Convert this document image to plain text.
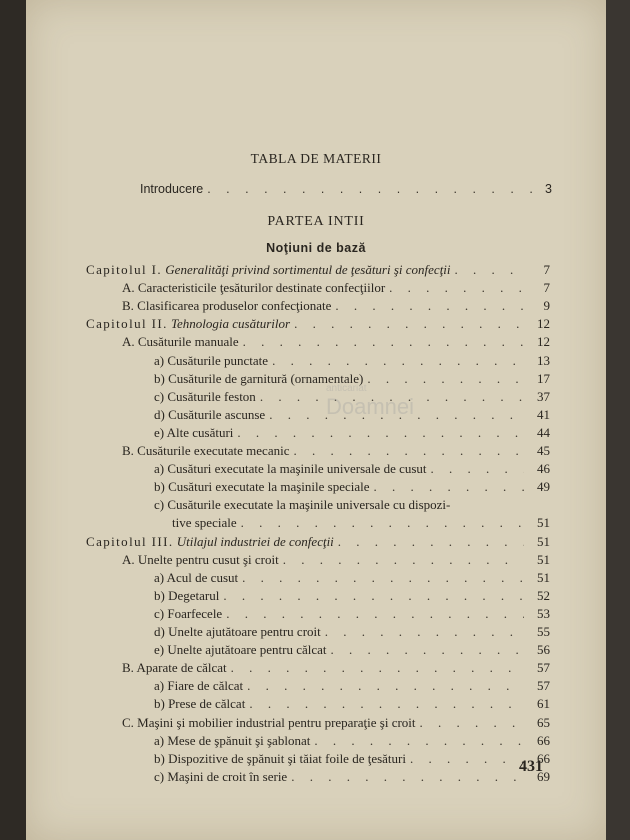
TABLA DE MATERII
Introducere . . .	3
PARTEA INTII
Noţiuni de bază
Capitolul I. Generalităţi privind sortimentul de ţesături şi confecţii . . .	7
A. Caracteristicile ţesăturilor destinate confecţiilor . . .	7
B. Clasificarea produselor confecţionate . . .	9
Capitolul II. Tehnologia cusăturilor . . .	12
A. Cusăturile manuale . . .	12
a) Cusăturile punctate . . .	13
b) Cusăturile de garnitură (ornamentale) . . .	17
c) Cusăturile feston . . .	37
d) Cusăturile ascunse . . .	41
e) Alte cusături . . .	44
B. Cusăturile executate mecanic . . .	45
a) Cusături executate la maşinile universale de cusut . . .	46
b) Cusături executate la maşinile speciale . . .	49
c) Cusăturile executate la maşinile universale cu dispozi-
tive speciale . . .	51
Capitolul III. Utilajul industriei de confecţii . . .	51
A. Unelte pentru cusut şi croit . . .	51
a) Acul de cusut . . .	51
b) Degetarul . . .	52
c) Foarfecele . . .	53
d) Unelte ajutătoare pentru croit . . .	55
e) Unelte ajutătoare pentru călcat . . .	56
B. Aparate de călcat . . .	57
a) Fiare de călcat . . .	57
b) Prese de călcat . . .	61
C. Maşini şi mobilier industrial pentru preparaţie şi croit . . .	65
a) Mese de şpănuit şi şablonat . . .	66
b) Dispozitive de şpănuit şi tăiat foile de ţesături . . .	66
c) Maşini de croit în serie . . .	69
anticariat
Doamnei
431
